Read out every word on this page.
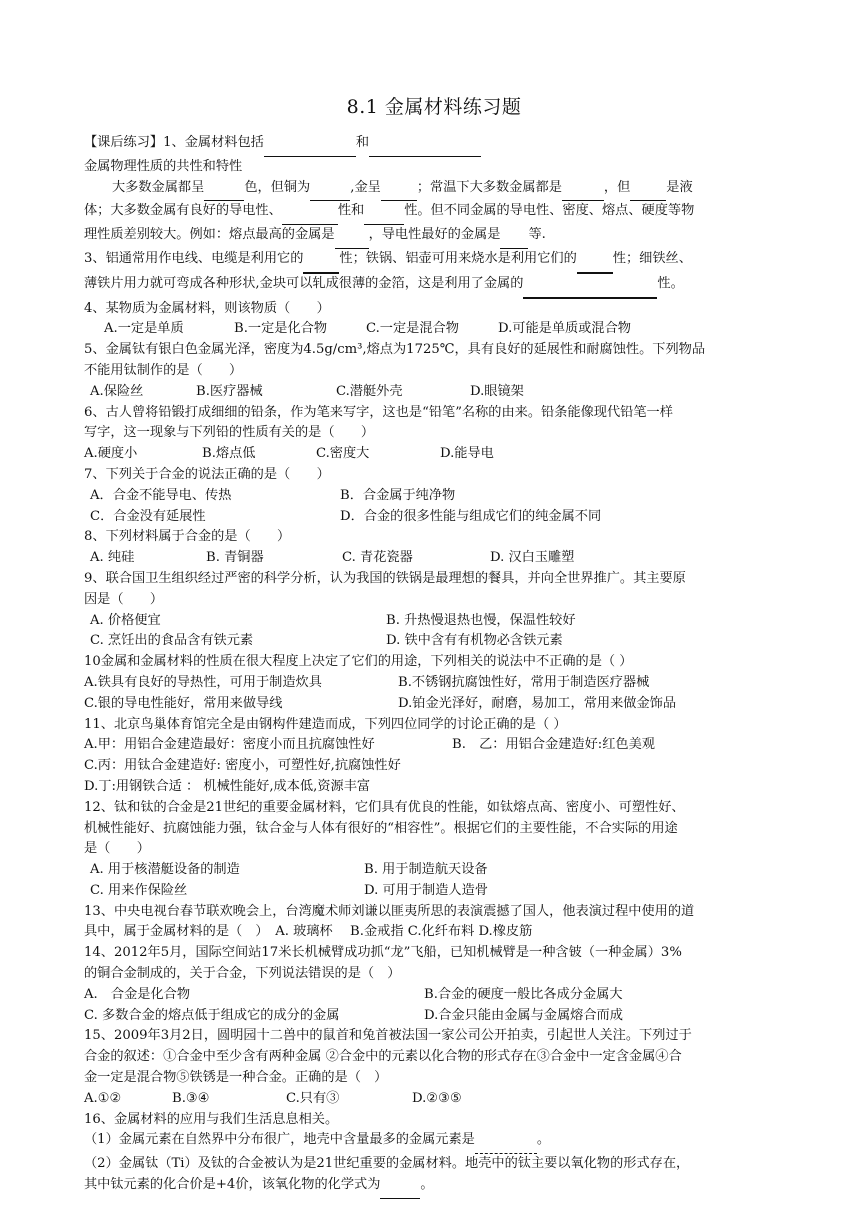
8.1 金属材料练习题
【课后练习】1、金属材料包括	和
金属物理性质的共性和特性
大多数金属都呈	色，但铜为	,金呈	；常温下大多数金属都是	，但	是液
体；大多数金属有良好的导电性、	性和	性。但不同金属的导电性、密度、熔点、硬度等物
理性质差别较大。例如：熔点最高的金属是	，导电性最好的金属是 等.
3、铝通常用作电线、电缆是利用它的	性；铁锅、铝壶可用来烧水是利用它们的	性；细铁丝、
薄铁片用力就可弯成各种形状,金块可以轧成很薄的金箔，这是利用了金属的	性。
4、某物质为金属材料，则该物质（　　）
A.一定是单质	B.一定是化合物	C.一定是混合物	D.可能是单质或混合物
5、金属钛有银白色金属光泽，密度为4.5g/cm³,熔点为1725℃，具有良好的延展性和耐腐蚀性。下列物品
不能用钛制作的是（　　）
A.保险丝	B.医疗器械	C.潜艇外壳	D.眼镜架
6、古人曾将铅锻打成细细的铅条，作为笔来写字，这也是“铅笔”名称的由来。铅条能像现代铅笔一样
写字，这一现象与下列铅的性质有关的是（　　）
A.硬度小	B.熔点低	C.密度大	D.能导电
7、下列关于合金的说法正确的是（　　）
A．合金不能导电、传热	B．合金属于纯净物
C．合金没有延展性	D．合金的很多性能与组成它们的纯金属不同
8、下列材料属于合金的是（　　）
A. 纯硅	B. 青铜器	C. 青花瓷器	D. 汉白玉雕塑
9、联合国卫生组织经过严密的科学分析，认为我国的铁锅是最理想的餐具，并向全世界推广。其主要原
因是（　　）
A. 价格便宜	B. 升热慢退热也慢，保温性较好
C. 烹饪出的食品含有铁元素	D. 铁中含有有机物必含铁元素
10金属和金属材料的性质在很大程度上决定了它们的用途，下列相关的说法中不正确的是（ ）
A.铁具有良好的导热性，可用于制造炊具	B.不锈钢抗腐蚀性好，常用于制造医疗器械
C.银的导电性能好，常用来做导线	D.铂金光泽好，耐磨，易加工，常用来做金饰品
11、北京鸟巢体育馆完全是由钢构件建造而成，下列四位同学的讨论正确的是（ ）
A.甲：用铝合金建造最好：密度小而且抗腐蚀性好	B.　乙：用铝合金建造好:红色美观
C.丙：用钛合金建造好: 密度小，可塑性好,抗腐蚀性好
D.丁:用钢铁合适 ： 机械性能好,成本低,资源丰富
12、钛和钛的合金是21世纪的重要金属材料，它们具有优良的性能，如钛熔点高、密度小、可塑性好、
机械性能好、抗腐蚀能力强，钛合金与人体有很好的“相容性”。根据它们的主要性能，不合实际的用途
是（　　）
A. 用于核潜艇设备的制造	B. 用于制造航天设备
C. 用来作保险丝	D. 可用于制造人造骨
13、中央电视台春节联欢晚会上，台湾魔术师刘谦以匪夷所思的表演震撼了国人，他表演过程中使用的道
具中，属于金属材料的是（　）　A. 玻璃杯　 B.金戒指 C.化纤布料 D.橡皮筋
14、2012年5月，国际空间站17米长机械臂成功抓“龙”飞船，已知机械臂是一种含铍（一种金属）3%
的铜合金制成的，关于合金，下列说法错误的是（　）
A.　合金是化合物	B.合金的硬度一般比各成分金属大
C. 多数合金的熔点低于组成它的成分的金属	D.合金只能由金属与金属熔合而成
15、2009年3月2日，圆明园十二兽中的鼠首和兔首被法国一家公司公开拍卖，引起世人关注。下列过于
合金的叙述：①合金中至少含有两种金属 ②合金中的元素以化合物的形式存在③合金中一定含金属④合
金一定是混合物⑤铁锈是一种合金。正确的是（　）
A.①②	B.③④	C.只有③	D.②③⑤
16、金属材料的应用与我们生活息息相关。
（1）金属元素在自然界中分布很广，地壳中含量最多的金属元素是	。
（2）金属钛（Ti）及钛的合金被认为是21世纪重要的金属材料。地壳中的钛主要以氧化物的形式存在，
其中钛元素的化合价是+4价，该氧化物的化学式为	。
